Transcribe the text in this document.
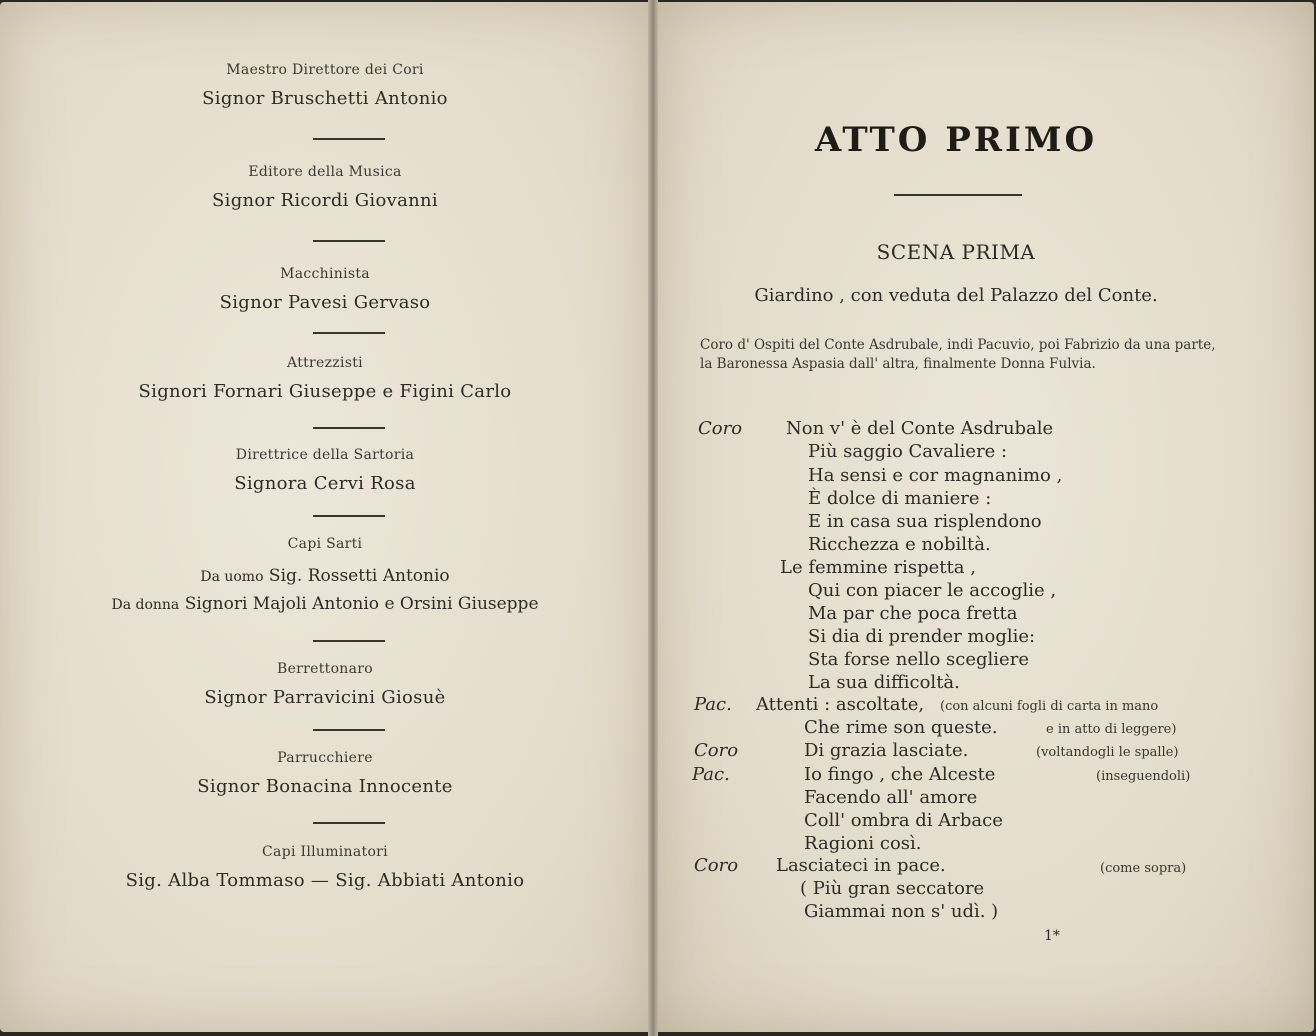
Maestro Direttore dei Cori
Signor Bruschetti Antonio
Editore della Musica
Signor Ricordi Giovanni
Macchinista
Signor Pavesi Gervaso
Attrezzisti
Signori Fornari Giuseppe e Figini Carlo
Direttrice della Sartoria
Signora Cervi Rosa
Capi Sarti
Da uomo Sig. Rossetti Antonio
Da donna Signori Majoli Antonio e Orsini Giuseppe
Berrettonaro
Signor Parravicini Giosuè
Parrucchiere
Signor Bonacina Innocente
Capi Illuminatori
Sig. Alba Tommaso — Sig. Abbiati Antonio
ATTO PRIMO
SCENA PRIMA
Giardino , con veduta del Palazzo del Conte.
Coro d' Ospiti del Conte Asdrubale, indi Pacuvio, poi Fabrizio da una parte, la Baronessa Aspasia dall' altra, finalmente Donna Fulvia.
Coro Non v' è del Conte Asdrubale
Più saggio Cavaliere :
Ha sensi e cor magnanimo ,
È dolce di maniere :
E in casa sua risplendono
Ricchezza e nobiltà.
Le femmine rispetta ,
Qui con piacer le accoglie ,
Ma par che poca fretta
Si dia di prender moglie:
Sta forse nello scegliere
La sua difficoltà.
Pac. Attenti : ascoltate, (con alcuni fogli di carta in mano
Che rime son queste.	e in atto di leggere)
Coro	Di grazia lasciate.	(voltandogli le spalle)
Pac.	Io fingo , che Alceste	(inseguendoli)
Facendo all' amore
Coll' ombra di Arbace
Ragioni così.
Coro Lasciateci in pace.	(come sopra)
( Più gran seccatore
Giammai non s' udì. )
1*
